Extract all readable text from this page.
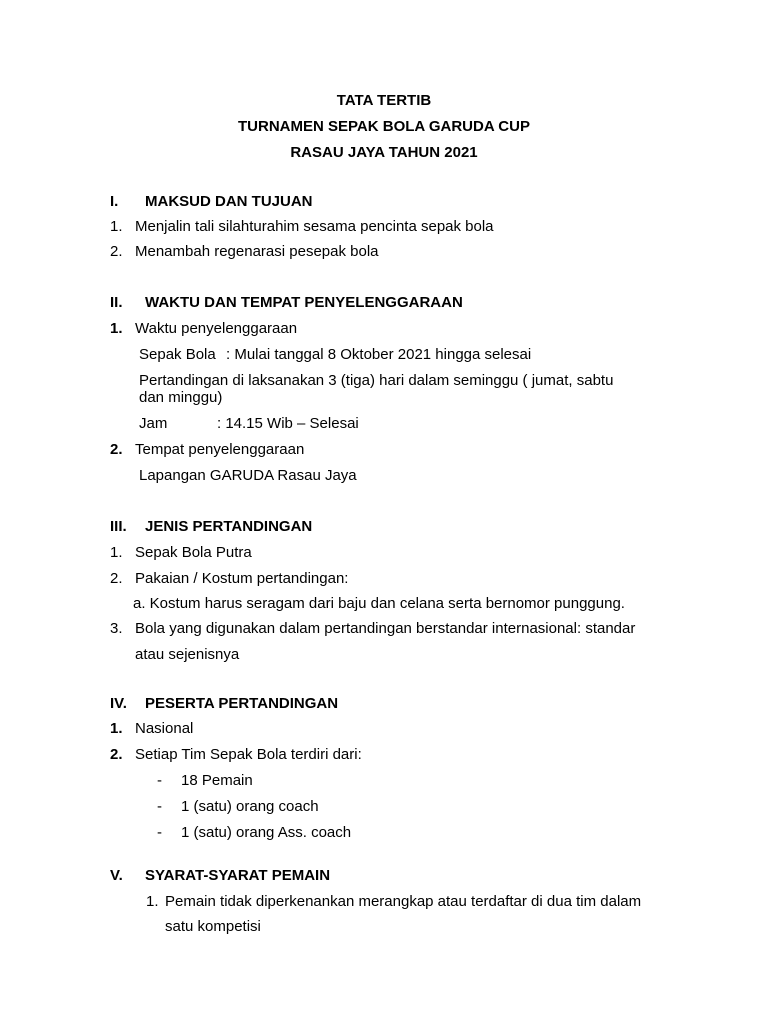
TATA TERTIB
TURNAMEN SEPAK BOLA GARUDA CUP
RASAU JAYA TAHUN 2021
I. MAKSUD DAN TUJUAN
1. Menjalin tali silahturahim sesama pencinta sepak bola
2. Menambah regenarasi pesepak bola
II. WAKTU DAN TEMPAT PENYELENGGARAAN
1. Waktu penyelenggaraan
Sepak Bola : Mulai tanggal 8 Oktober 2021 hingga selesai
Pertandingan di laksanakan 3 (tiga) hari dalam seminggu ( jumat, sabtu dan minggu)
Jam	: 14.15 Wib – Selesai
2. Tempat penyelenggaraan
Lapangan GARUDA Rasau Jaya
III. JENIS PERTANDINGAN
1. Sepak Bola Putra
2. Pakaian / Kostum pertandingan:
a. Kostum harus seragam dari baju dan celana serta bernomor punggung.
3. Bola yang digunakan dalam pertandingan berstandar internasional: standar
atau sejenisnya
IV. PESERTA PERTANDINGAN
1. Nasional
2. Setiap Tim Sepak Bola terdiri dari:
- 18 Pemain
- 1 (satu) orang coach
- 1 (satu) orang Ass. coach
V. SYARAT-SYARAT PEMAIN
1. Pemain tidak diperkenankan merangkap atau terdaftar di dua tim dalam
satu kompetisi
